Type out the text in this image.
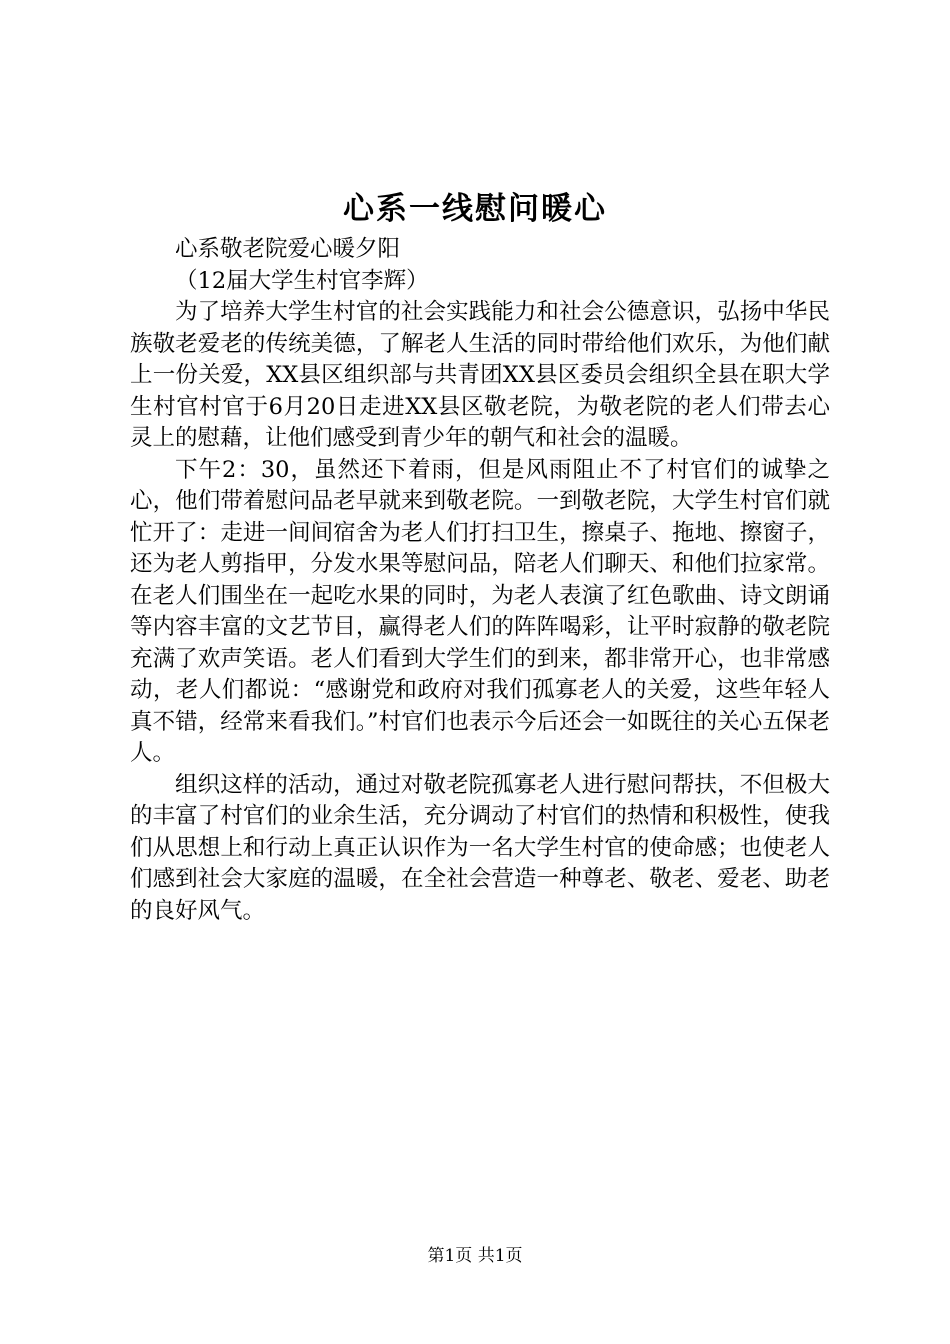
心系一线慰问暖心

心系敬老院爱心暖夕阳

（12届大学生村官李辉）

为了培养大学生村官的社会实践能力和社会公德意识，弘扬中华民族敬老爱老的传统美德，了解老人生活的同时带给他们欢乐，为他们献上一份关爱，XX县区组织部与共青团XX县区委员会组织全县在职大学生村官村官于6月20日走进XX县区敬老院，为敬老院的老人们带去心灵上的慰藉，让他们感受到青少年的朝气和社会的温暖。

下午2：30，虽然还下着雨，但是风雨阻止不了村官们的诚挚之心，他们带着慰问品老早就来到敬老院。一到敬老院，大学生村官们就忙开了：走进一间间宿舍为老人们打扫卫生，擦桌子、拖地、擦窗子，还为老人剪指甲，分发水果等慰问品，陪老人们聊天、和他们拉家常。在老人们围坐在一起吃水果的同时，为老人表演了红色歌曲、诗文朗诵等内容丰富的文艺节目，赢得老人们的阵阵喝彩，让平时寂静的敬老院充满了欢声笑语。老人们看到大学生们的到来，都非常开心，也非常感动，老人们都说：“感谢党和政府对我们孤寡老人的关爱，这些年轻人真不错，经常来看我们。”村官们也表示今后还会一如既往的关心五保老人。

组织这样的活动，通过对敬老院孤寡老人进行慰问帮扶，不但极大的丰富了村官们的业余生活，充分调动了村官们的热情和积极性，使我们从思想上和行动上真正认识作为一名大学生村官的使命感；也使老人们感到社会大家庭的温暖，在全社会营造一种尊老、敬老、爱老、助老的良好风气。

第1页 共1页
